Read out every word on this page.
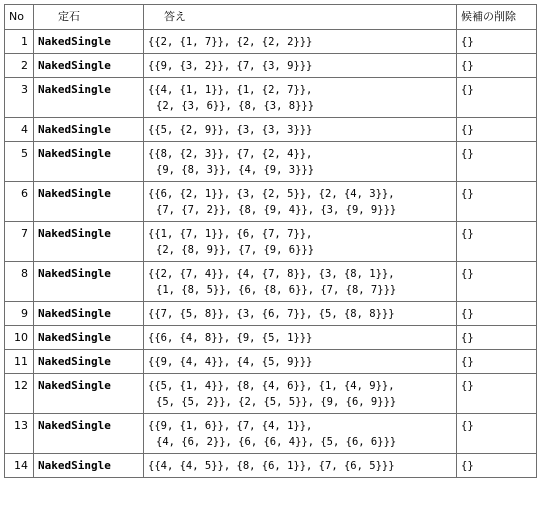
No	定石	答え	候補の削除
1	NakedSingle	{{2, {1, 7}}, {2, {2, 2}}}	{}
2	NakedSingle	{{9, {3, 2}}, {7, {3, 9}}}	{}
3	NakedSingle	{{4, {1, 1}}, {1, {2, 7}},
{2, {3, 6}}, {8, {3, 8}}}	{}
4	NakedSingle	{{5, {2, 9}}, {3, {3, 3}}}	{}
5	NakedSingle	{{8, {2, 3}}, {7, {2, 4}},
{9, {8, 3}}, {4, {9, 3}}}	{}
6	NakedSingle	{{6, {2, 1}}, {3, {2, 5}}, {2, {4, 3}},
{7, {7, 2}}, {8, {9, 4}}, {3, {9, 9}}}	{}
7	NakedSingle	{{1, {7, 1}}, {6, {7, 7}},
{2, {8, 9}}, {7, {9, 6}}}	{}
8	NakedSingle	{{2, {7, 4}}, {4, {7, 8}}, {3, {8, 1}},
{1, {8, 5}}, {6, {8, 6}}, {7, {8, 7}}}	{}
9	NakedSingle	{{7, {5, 8}}, {3, {6, 7}}, {5, {8, 8}}}	{}
10	NakedSingle	{{6, {4, 8}}, {9, {5, 1}}}	{}
11	NakedSingle	{{9, {4, 4}}, {4, {5, 9}}}	{}
12	NakedSingle	{{5, {1, 4}}, {8, {4, 6}}, {1, {4, 9}},
{5, {5, 2}}, {2, {5, 5}}, {9, {6, 9}}}	{}
13	NakedSingle	{{9, {1, 6}}, {7, {4, 1}},
{4, {6, 2}}, {6, {6, 4}}, {5, {6, 6}}}	{}
14	NakedSingle	{{4, {4, 5}}, {8, {6, 1}}, {7, {6, 5}}}	{}
